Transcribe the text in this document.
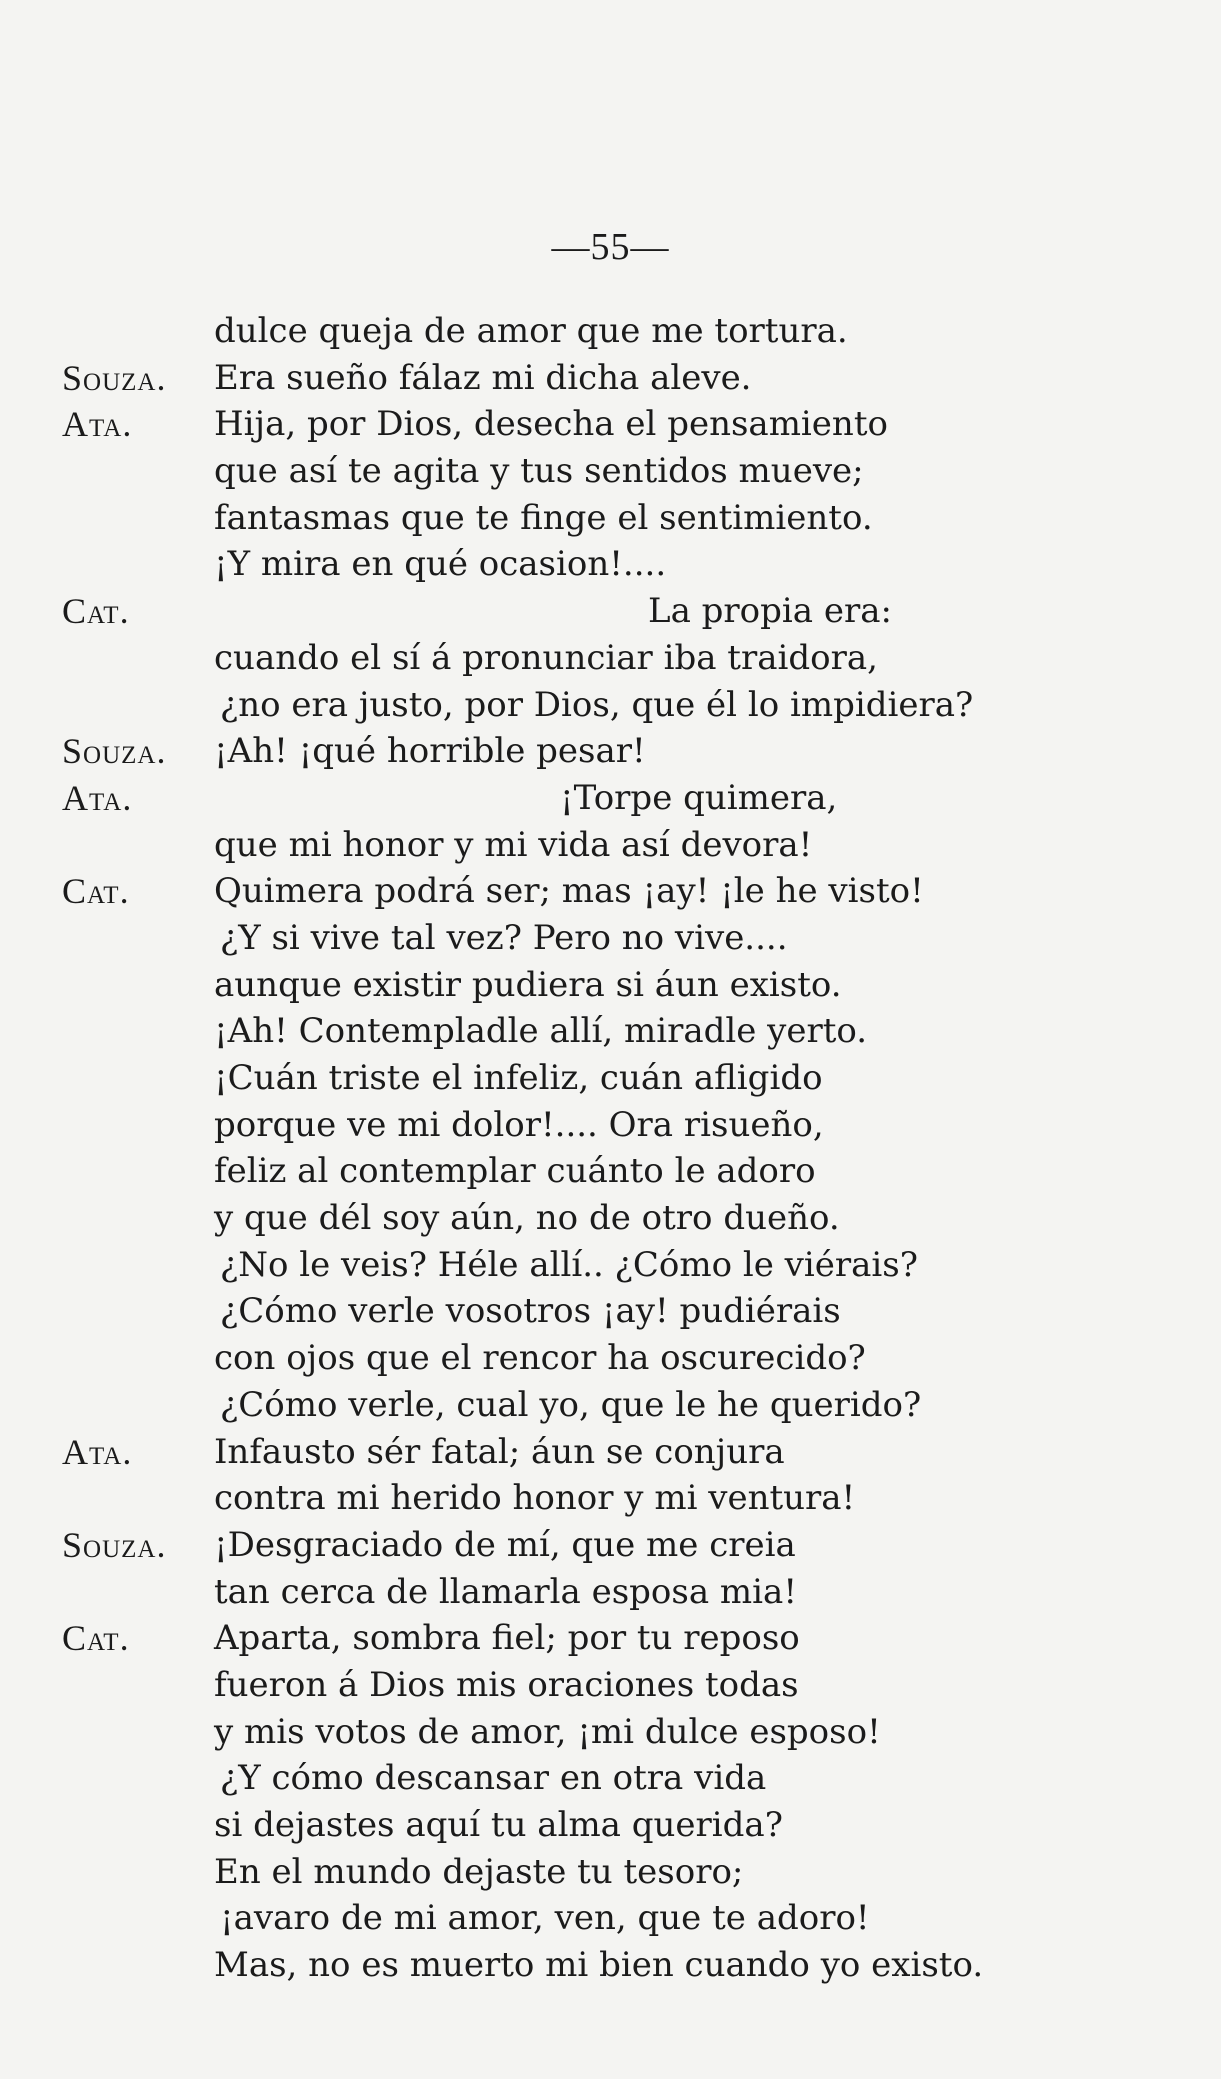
—55—
dulce queja de amor que me tortura.
Souza. Era sueño fálaz mi dicha aleve.
Ata. Hija, por Dios, desecha el pensamiento
que así te agita y tus sentidos mueve;
fantasmas que te finge el sentimiento.
¡Y mira en qué ocasion!....
Cat.	La propia era:
cuando el sí á pronunciar iba traidora,
¿no era justo, por Dios, que él lo impidiera?
Souza. ¡Ah! ¡qué horrible pesar!
Ata.	¡Torpe quimera,
que mi honor y mi vida así devora!
Cat. Quimera podrá ser; mas ¡ay! ¡le he visto!
¿Y si vive tal vez? Pero no vive....
aunque existir pudiera si áun existo.
¡Ah! Contempladle allí, miradle yerto.
¡Cuán triste el infeliz, cuán afligido
porque ve mi dolor!.... Ora risueño,
feliz al contemplar cuánto le adoro
y que dél soy aún, no de otro dueño.
¿No le veis? Héle allí.. ¿Cómo le viérais?
¿Cómo verle vosotros ¡ay! pudiérais
con ojos que el rencor ha oscurecido?
¿Cómo verle, cual yo, que le he querido?
Ata. Infausto sér fatal; áun se conjura
contra mi herido honor y mi ventura!
Souza. ¡Desgraciado de mí, que me creia
tan cerca de llamarla esposa mia!
Cat. Aparta, sombra fiel; por tu reposo
fueron á Dios mis oraciones todas
y mis votos de amor, ¡mi dulce esposo!
¿Y cómo descansar en otra vida
si dejastes aquí tu alma querida?
En el mundo dejaste tu tesoro;
¡avaro de mi amor, ven, que te adoro!
Mas, no es muerto mi bien cuando yo existo.
